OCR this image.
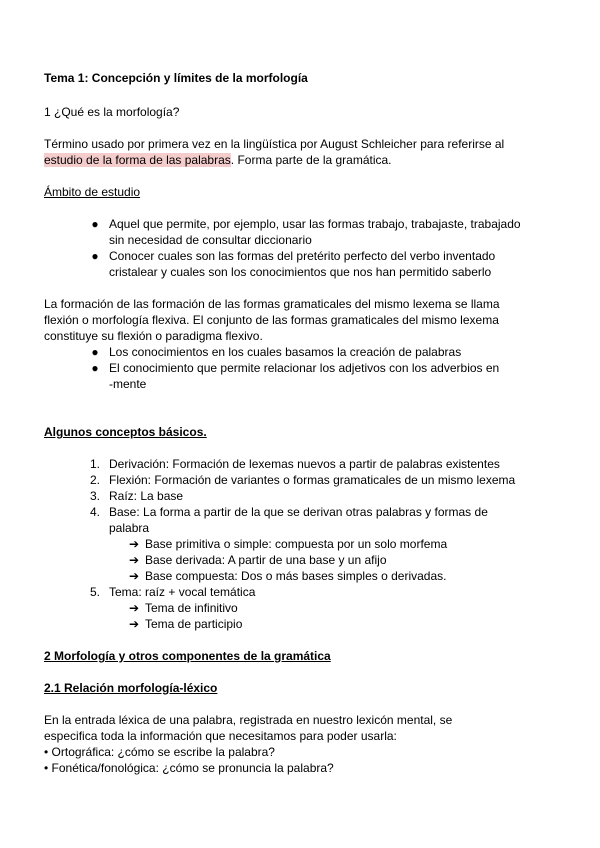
Tema 1: Concepción y límites de la morfología
1 ¿Qué es la morfología?
Término usado por primera vez en la lingüística por August Schleicher para referirse al
estudio de la forma de las palabras. Forma parte de la gramática.
Ámbito de estudio
● Aquel que permite, por ejemplo, usar las formas trabajo, trabajaste, trabajado
sin necesidad de consultar diccionario
● Conocer cuales son las formas del pretérito perfecto del verbo inventado
cristalear y cuales son los conocimientos que nos han permitido saberlo
La formación de las formación de las formas gramaticales del mismo lexema se llama
flexión o morfología flexiva. El conjunto de las formas gramaticales del mismo lexema
constituye su flexión o paradigma flexivo.
● Los conocimientos en los cuales basamos la creación de palabras
● El conocimiento que permite relacionar los adjetivos con los adverbios en
-mente
Algunos conceptos básicos.
1. Derivación: Formación de lexemas nuevos a partir de palabras existentes
2. Flexión: Formación de variantes o formas gramaticales de un mismo lexema
3. Raíz: La base
4. Base: La forma a partir de la que se derivan otras palabras y formas de
palabra
➔ Base primitiva o simple: compuesta por un solo morfema
➔ Base derivada: A partir de una base y un afijo
➔ Base compuesta: Dos o más bases simples o derivadas.
5. Tema: raíz + vocal temática
➔ Tema de infinitivo
➔ Tema de participio
2 Morfología y otros componentes de la gramática
2.1 Relación morfología-léxico
En la entrada léxica de una palabra, registrada en nuestro lexicón mental, se
especifica toda la información que necesitamos para poder usarla:
• Ortográfica: ¿cómo se escribe la palabra?
• Fonética/fonológica: ¿cómo se pronuncia la palabra?
